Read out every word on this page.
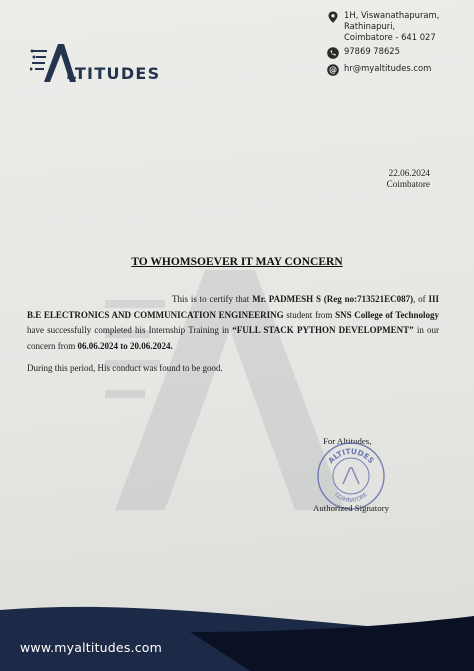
LTITUDES
1H, Viswanathapuram,
Rathinapuri,
Coimbatore - 641 027
97869 78625
@ hr@myaltitudes.com
22.06.2024
Coimbatore
TO WHOMSOEVER IT MAY CONCERN

This is to certify that Mr. PADMESH S (Reg no:713521EC087), of III B.E ELECTRONICS AND COMMUNICATION ENGINEERING student from SNS College of Technology have successfully completed his Internship Training in “FULL STACK PYTHON DEVELOPMENT” in our concern from 06.06.2024 to 20.06.2024.

During this period, His conduct was found to be good.

For Altitudes,
ALTITUDES
COIMBATORE
Authorized Signatory
www.myaltitudes.com
